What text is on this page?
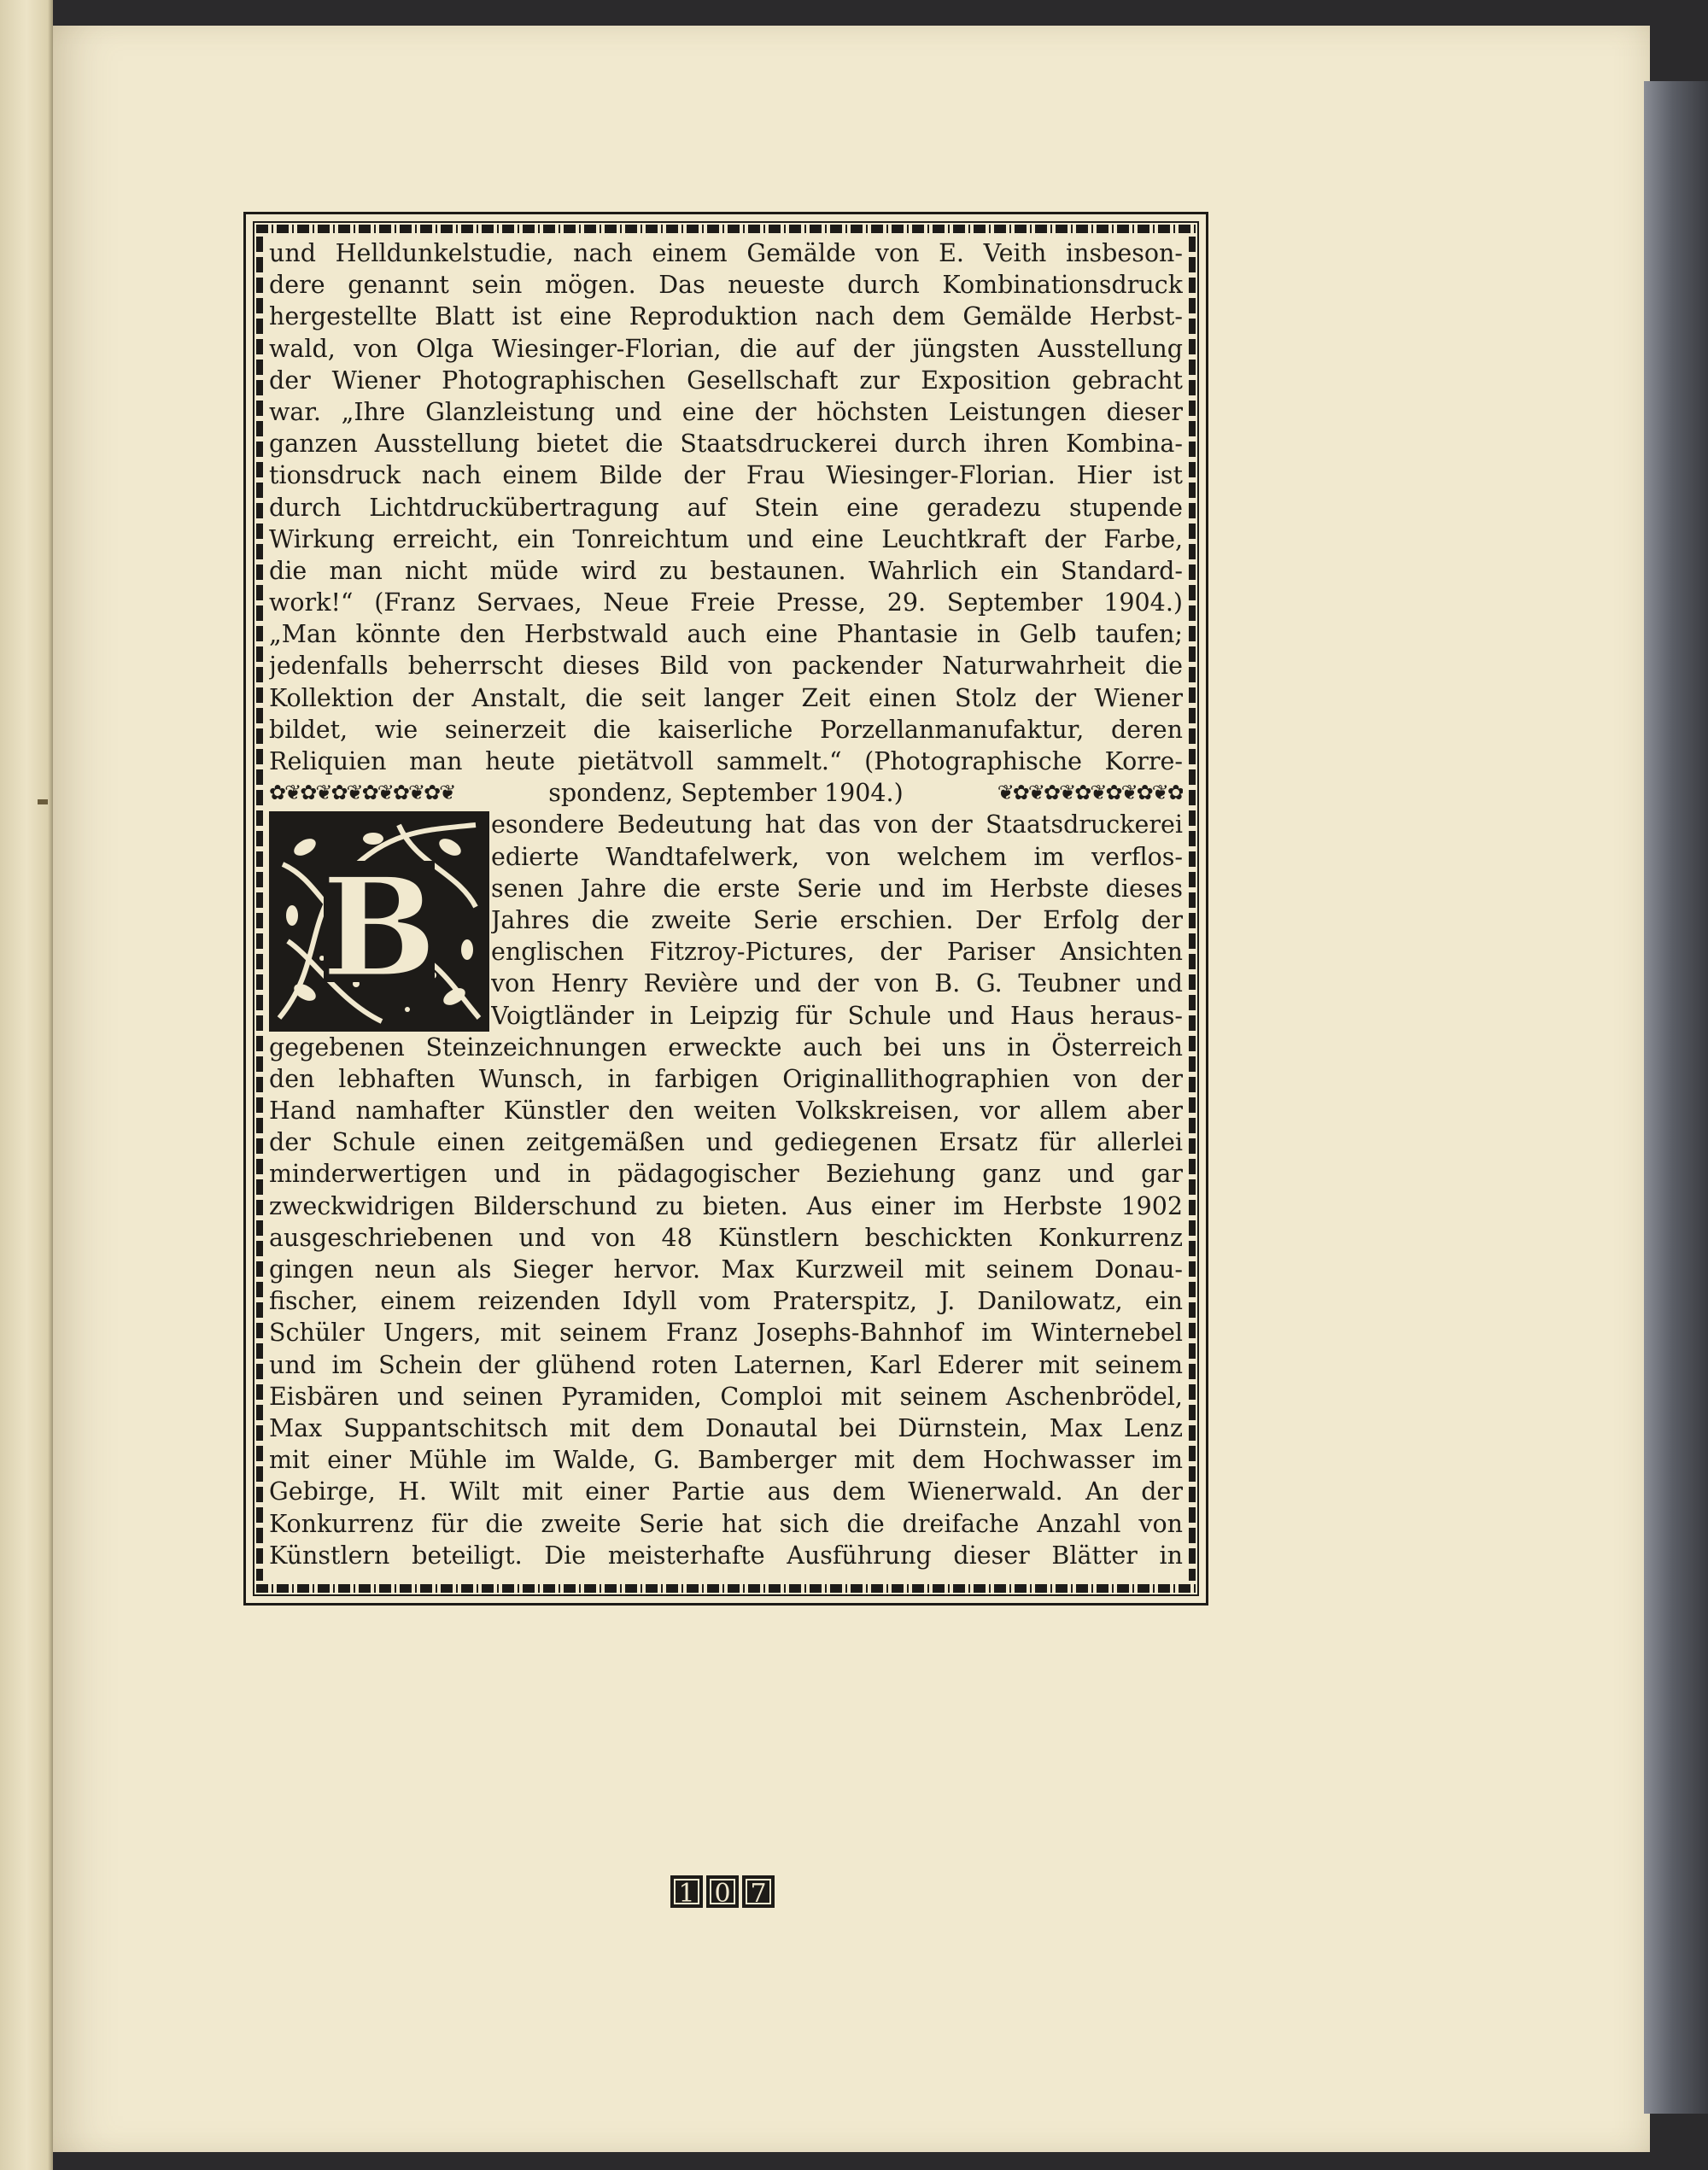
und Helldunkelstudie, nach einem Gemälde von E. Veith insbeson-
dere genannt sein mögen. Das neueste durch Kombinationsdruck
hergestellte Blatt ist eine Reproduktion nach dem Gemälde Herbst-
wald, von Olga Wiesinger-Florian, die auf der jüngsten Ausstellung
der Wiener Photographischen Gesellschaft zur Exposition gebracht
war. „Ihre Glanzleistung und eine der höchsten Leistungen dieser
ganzen Ausstellung bietet die Staatsdruckerei durch ihren Kombina-
tionsdruck nach einem Bilde der Frau Wiesinger-Florian. Hier ist
durch Lichtdruckübertragung auf Stein eine geradezu stupende
Wirkung erreicht, ein Tonreichtum und eine Leuchtkraft der Farbe,
die man nicht müde wird zu bestaunen. Wahrlich ein Standard-
work!“ (Franz Servaes, Neue Freie Presse, 29. September 1904.)
„Man könnte den Herbstwald auch eine Phantasie in Gelb taufen;
jedenfalls beherrscht dieses Bild von packender Naturwahrheit die
Kollektion der Anstalt, die seit langer Zeit einen Stolz der Wiener
bildet, wie seinerzeit die kaiserliche Porzellanmanufaktur, deren
Reliquien man heute pietätvoll sammelt.“ (Photographische Korre-
✿❦✿❦✿❦✿❦✿❦✿❦	spondenz, September 1904.)	❦✿❦✿❦✿❦✿❦✿❦✿
esondere Bedeutung hat das von der Staatsdruckerei
edierte Wandtafelwerk, von welchem im verflos-
senen Jahre die erste Serie und im Herbste dieses
Jahres die zweite Serie erschien. Der Erfolg der
englischen Fitzroy-Pictures, der Pariser Ansichten
von Henry Revière und der von B. G. Teubner und
Voigtländer in Leipzig für Schule und Haus heraus-
gegebenen Steinzeichnungen erweckte auch bei uns in Österreich
den lebhaften Wunsch, in farbigen Originallithographien von der
Hand namhafter Künstler den weiten Volkskreisen, vor allem aber
der Schule einen zeitgemäßen und gediegenen Ersatz für allerlei
minderwertigen und in pädagogischer Beziehung ganz und gar
zweckwidrigen Bilderschund zu bieten. Aus einer im Herbste 1902
ausgeschriebenen und von 48 Künstlern beschickten Konkurrenz
gingen neun als Sieger hervor. Max Kurzweil mit seinem Donau-
fischer, einem reizenden Idyll vom Praterspitz, J. Danilowatz, ein
Schüler Ungers, mit seinem Franz Josephs-Bahnhof im Winternebel
und im Schein der glühend roten Laternen, Karl Ederer mit seinem
Eisbären und seinen Pyramiden, Comploi mit seinem Aschenbrödel,
Max Suppantschitsch mit dem Donautal bei Dürnstein, Max Lenz
mit einer Mühle im Walde, G. Bamberger mit dem Hochwasser im
Gebirge, H. Wilt mit einer Partie aus dem Wienerwald. An der
Konkurrenz für die zweite Serie hat sich die dreifache Anzahl von
Künstlern beteiligt. Die meisterhafte Ausführung dieser Blätter in
B
1 0 7
